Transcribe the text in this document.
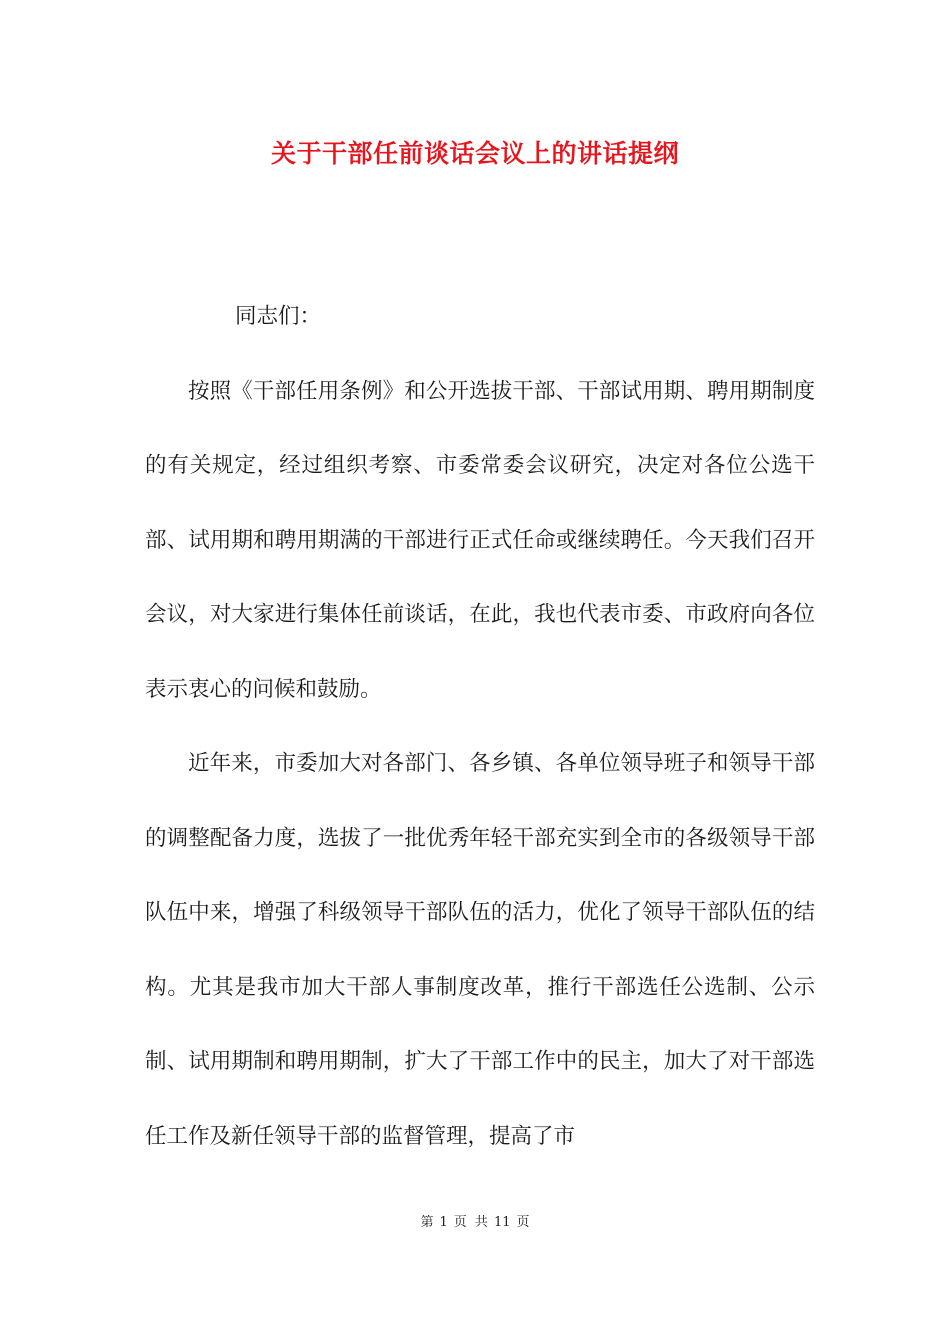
关于干部任前谈话会议上的讲话提纲

同志们：

按照《干部任用条例》和公开选拔干部、干部试用期、聘用期制度的有关规定，经过组织考察、市委常委会议研究，决定对各位公选干部、试用期和聘用期满的干部进行正式任命或继续聘任。今天我们召开会议，对大家进行集体任前谈话，在此，我也代表市委、市政府向各位表示衷心的问候和鼓励。

近年来，市委加大对各部门、各乡镇、各单位领导班子和领导干部的调整配备力度，选拔了一批优秀年轻干部充实到全市的各级领导干部队伍中来，增强了科级领导干部队伍的活力，优化了领导干部队伍的结构。尤其是我市加大干部人事制度改革，推行干部选任公选制、公示制、试用期制和聘用期制，扩大了干部工作中的民主，加大了对干部选任工作及新任领导干部的监督管理，提高了市

第 1 页 共 11 页
